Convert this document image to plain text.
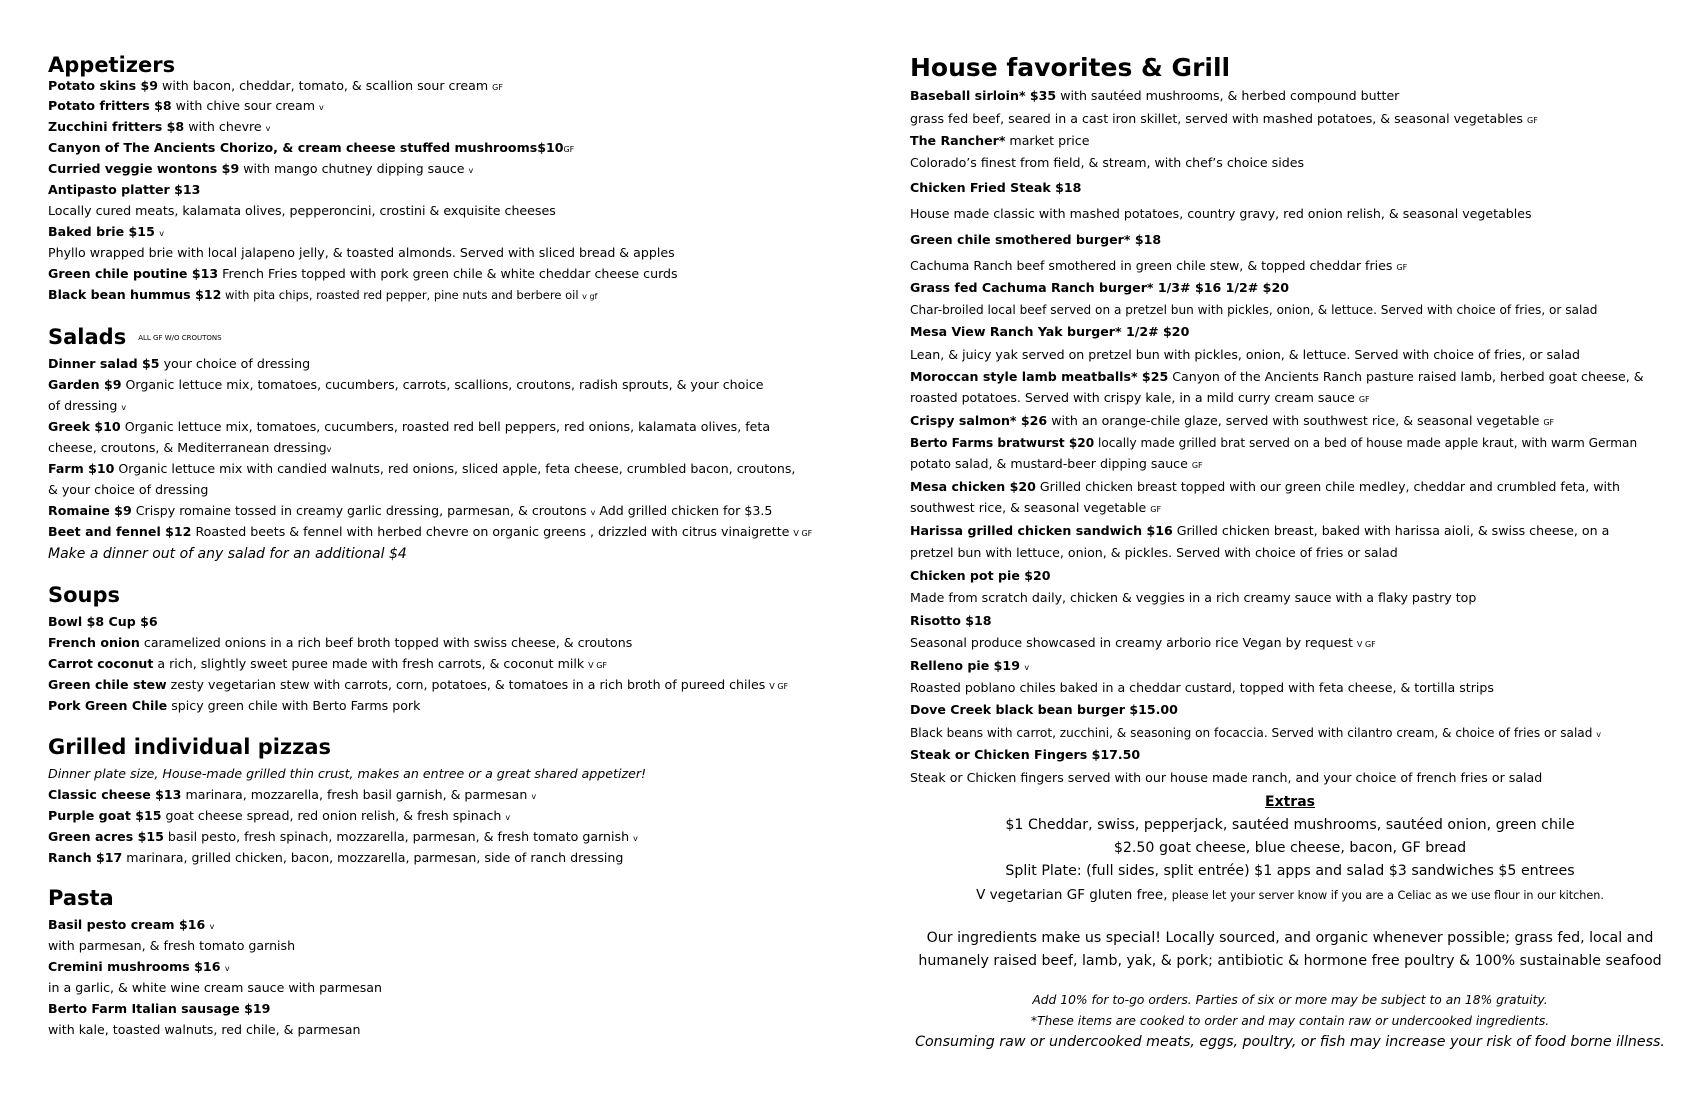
Appetizers
Potato skins $9 with bacon, cheddar, tomato, & scallion sour cream GF
Potato fritters $8 with chive sour cream v
Zucchini fritters $8 with chevre v
Canyon of The Ancients Chorizo, & cream cheese stuffed mushrooms$10GF
Curried veggie wontons $9 with mango chutney dipping sauce v
Antipasto platter $13
Locally cured meats, kalamata olives, pepperoncini, crostini & exquisite cheeses
Baked brie $15 v
Phyllo wrapped brie with local jalapeno jelly, & toasted almonds. Served with sliced bread & apples
Green chile poutine $13 French Fries topped with pork green chile & white cheddar cheese curds
Black bean hummus $12 with pita chips, roasted red pepper, pine nuts and berbere oil v gf
Salads ALL GF W/O CROUTONS
Dinner salad $5 your choice of dressing
Garden $9 Organic lettuce mix, tomatoes, cucumbers, carrots, scallions, croutons, radish sprouts, & your choice
of dressing v
Greek $10 Organic lettuce mix, tomatoes, cucumbers, roasted red bell peppers, red onions, kalamata olives, feta
cheese, croutons, & Mediterranean dressingv
Farm $10 Organic lettuce mix with candied walnuts, red onions, sliced apple, feta cheese, crumbled bacon, croutons,
& your choice of dressing
Romaine $9 Crispy romaine tossed in creamy garlic dressing, parmesan, & croutons v Add grilled chicken for $3.5
Beet and fennel $12 Roasted beets & fennel with herbed chevre on organic greens , drizzled with citrus vinaigrette V GF
Make a dinner out of any salad for an additional $4
Soups
Bowl $8 Cup $6
French onion caramelized onions in a rich beef broth topped with swiss cheese, & croutons
Carrot coconut a rich, slightly sweet puree made with fresh carrots, & coconut milk V GF
Green chile stew zesty vegetarian stew with carrots, corn, potatoes, & tomatoes in a rich broth of pureed chiles V GF
Pork Green Chile spicy green chile with Berto Farms pork
Grilled individual pizzas
Dinner plate size, House-made grilled thin crust, makes an entree or a great shared appetizer!
Classic cheese $13 marinara, mozzarella, fresh basil garnish, & parmesan v
Purple goat $15 goat cheese spread, red onion relish, & fresh spinach v
Green acres $15 basil pesto, fresh spinach, mozzarella, parmesan, & fresh tomato garnish v
Ranch $17 marinara, grilled chicken, bacon, mozzarella, parmesan, side of ranch dressing
Pasta
Basil pesto cream $16 v
with parmesan, & fresh tomato garnish
Cremini mushrooms $16 v
in a garlic, & white wine cream sauce with parmesan
Berto Farm Italian sausage $19
with kale, toasted walnuts, red chile, & parmesan
House favorites & Grill
Baseball sirloin* $35 with sautéed mushrooms, & herbed compound butter
grass fed beef, seared in a cast iron skillet, served with mashed potatoes, & seasonal vegetables GF
The Rancher* market price
Colorado’s finest from field, & stream, with chef’s choice sides
Chicken Fried Steak $18
House made classic with mashed potatoes, country gravy, red onion relish, & seasonal vegetables
Green chile smothered burger* $18
Cachuma Ranch beef smothered in green chile stew, & topped cheddar fries GF
Grass fed Cachuma Ranch burger* 1/3# $16 1/2# $20
Char-broiled local beef served on a pretzel bun with pickles, onion, & lettuce. Served with choice of fries, or salad
Mesa View Ranch Yak burger* 1/2# $20
Lean, & juicy yak served on pretzel bun with pickles, onion, & lettuce. Served with choice of fries, or salad
Moroccan style lamb meatballs* $25 Canyon of the Ancients Ranch pasture raised lamb, herbed goat cheese, &
roasted potatoes. Served with crispy kale, in a mild curry cream sauce GF
Crispy salmon* $26 with an orange-chile glaze, served with southwest rice, & seasonal vegetable GF
Berto Farms bratwurst $20 locally made grilled brat served on a bed of house made apple kraut, with warm German
potato salad, & mustard-beer dipping sauce GF
Mesa chicken $20 Grilled chicken breast topped with our green chile medley, cheddar and crumbled feta, with
southwest rice, & seasonal vegetable GF
Harissa grilled chicken sandwich $16 Grilled chicken breast, baked with harissa aioli, & swiss cheese, on a
pretzel bun with lettuce, onion, & pickles. Served with choice of fries or salad
Chicken pot pie $20
Made from scratch daily, chicken & veggies in a rich creamy sauce with a flaky pastry top
Risotto $18
Seasonal produce showcased in creamy arborio rice Vegan by request V GF
Relleno pie $19 v
Roasted poblano chiles baked in a cheddar custard, topped with feta cheese, & tortilla strips
Dove Creek black bean burger $15.00
Black beans with carrot, zucchini, & seasoning on focaccia. Served with cilantro cream, & choice of fries or salad v
Steak or Chicken Fingers $17.50
Steak or Chicken fingers served with our house made ranch, and your choice of french fries or salad
Extras
$1 Cheddar, swiss, pepperjack, sautéed mushrooms, sautéed onion, green chile
$2.50 goat cheese, blue cheese, bacon, GF bread
Split Plate: (full sides, split entrée) $1 apps and salad $3 sandwiches $5 entrees
V vegetarian GF gluten free, please let your server know if you are a Celiac as we use flour in our kitchen.
Our ingredients make us special! Locally sourced, and organic whenever possible; grass fed, local and
humanely raised beef, lamb, yak, & pork; antibiotic & hormone free poultry & 100% sustainable seafood
Add 10% for to-go orders. Parties of six or more may be subject to an 18% gratuity.
*These items are cooked to order and may contain raw or undercooked ingredients.
Consuming raw or undercooked meats, eggs, poultry, or fish may increase your risk of food borne illness.
